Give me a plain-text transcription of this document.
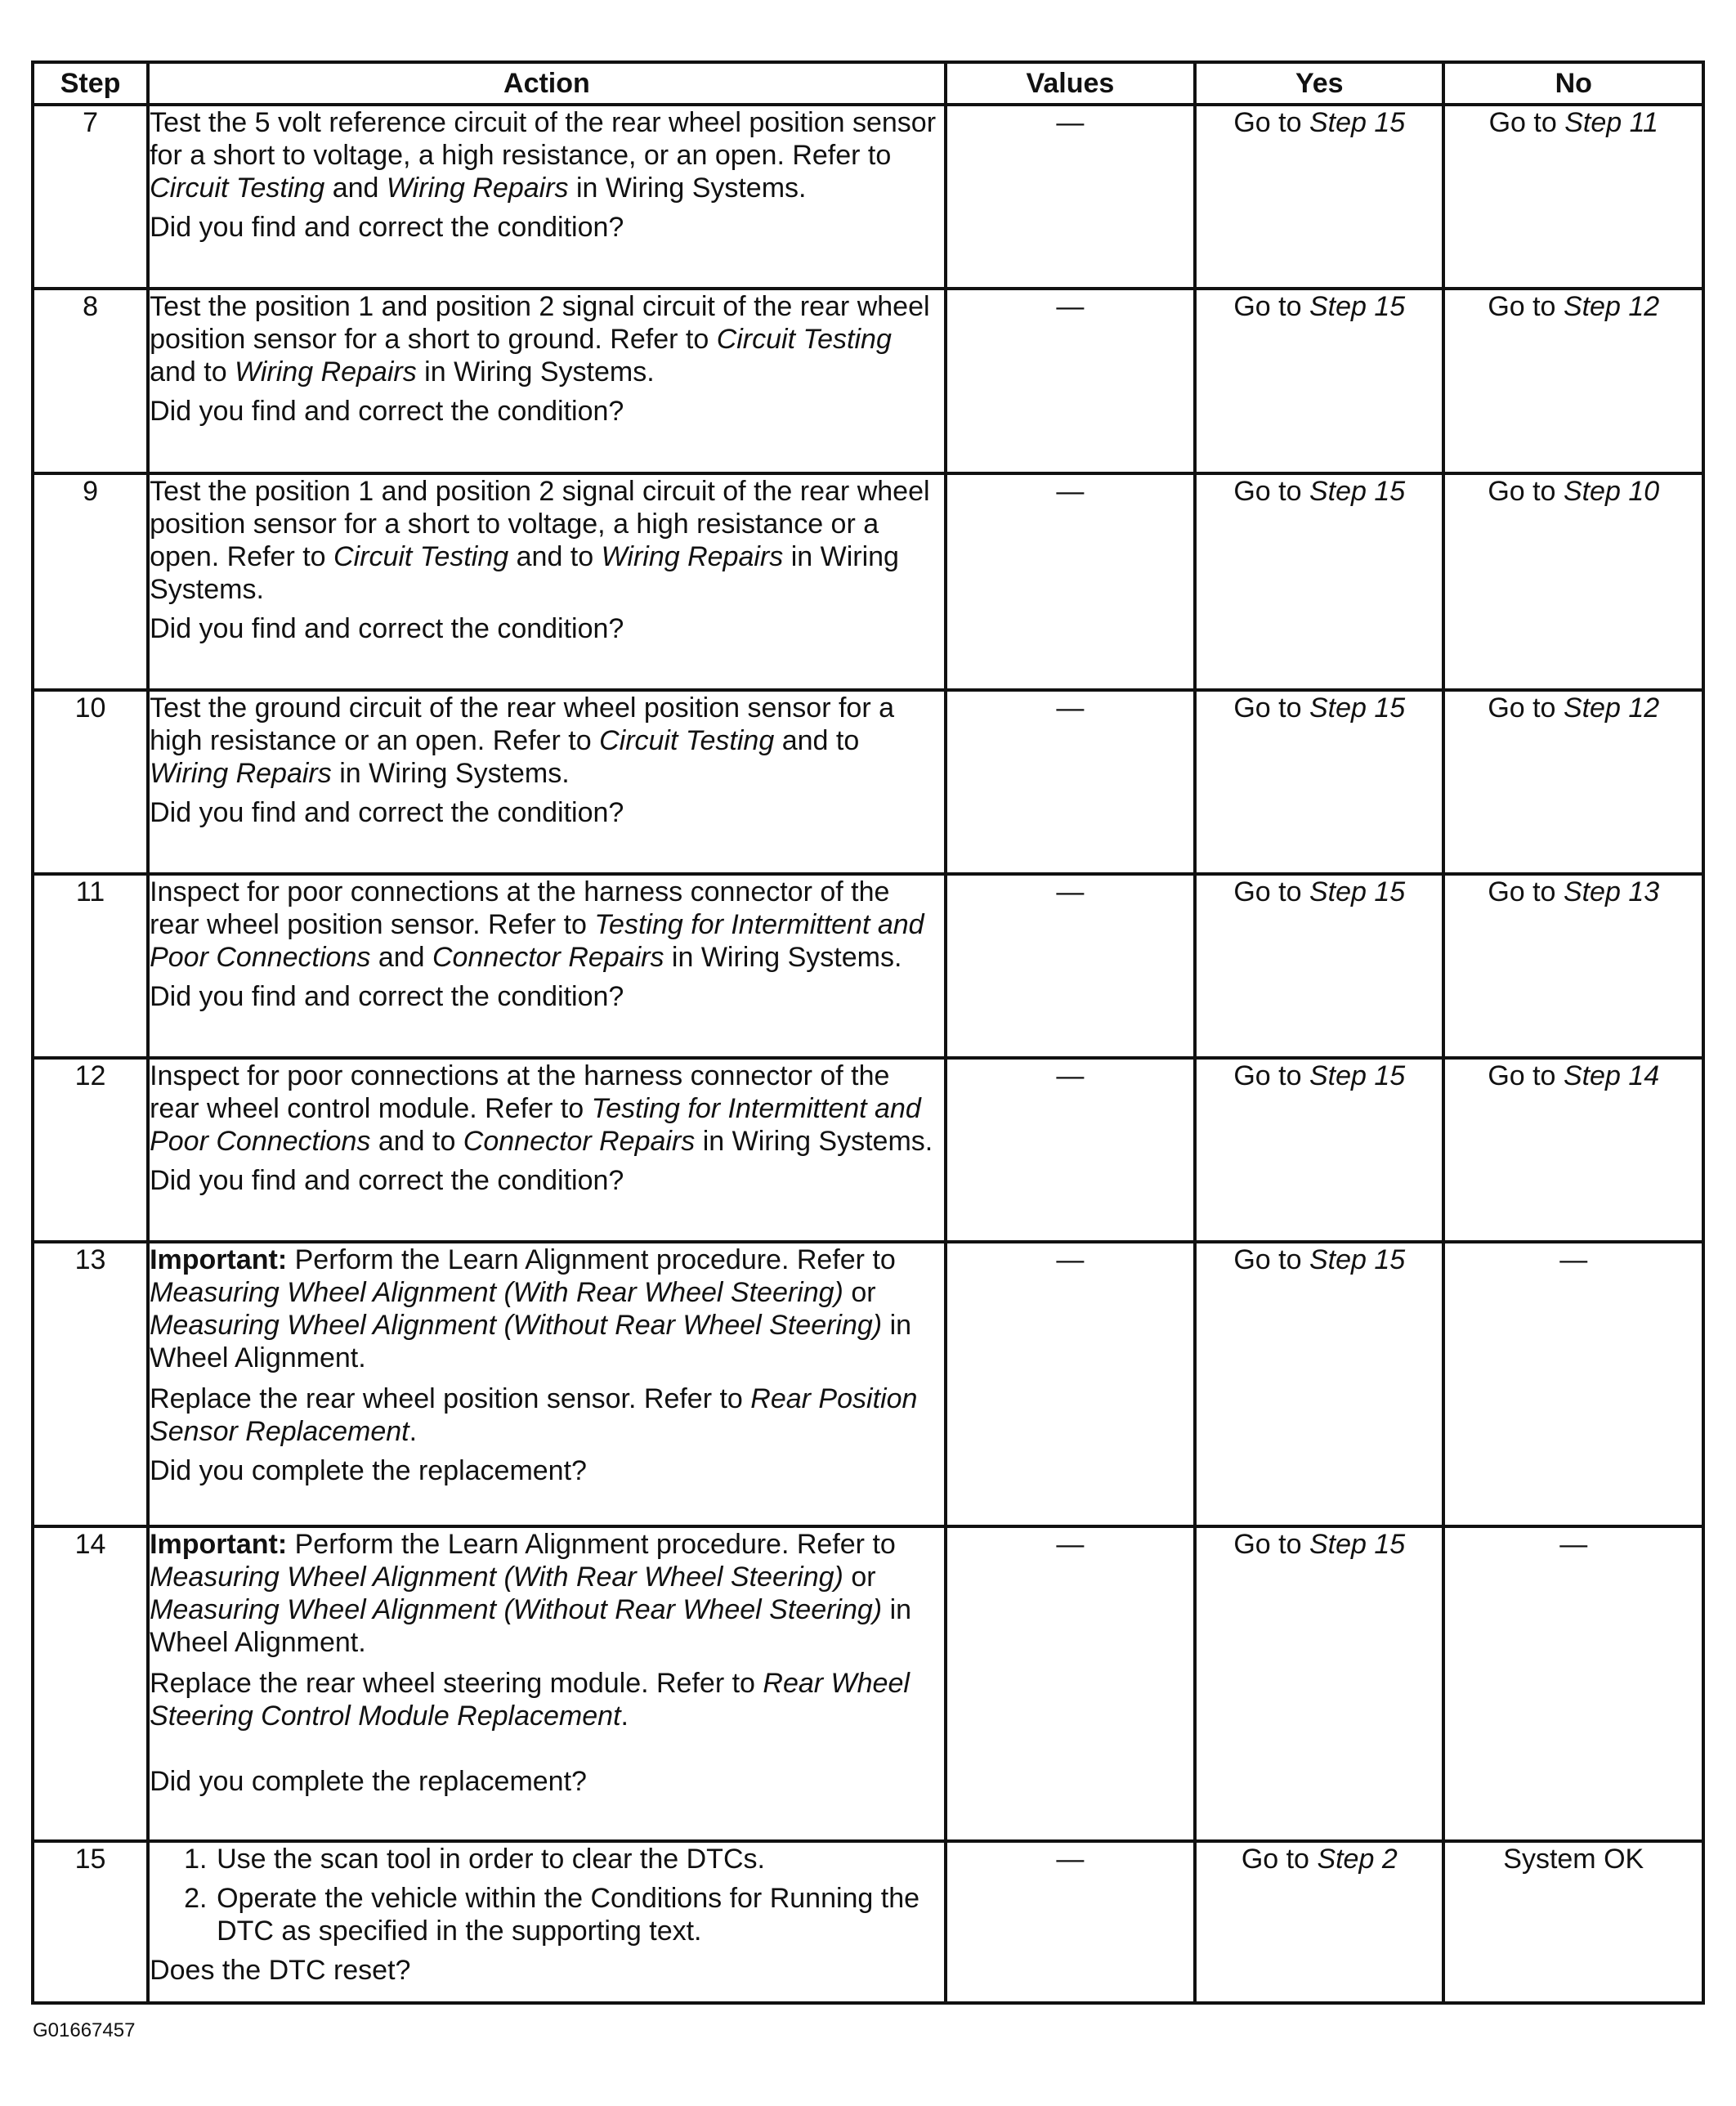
Step	Action	Values	Yes	No
7	Test the 5 volt reference circuit of the rear wheel position sensor for a short to voltage, a high resistance, or an open. Refer to Circuit Testing and Wiring Repairs in Wiring Systems.

Did you find and correct the condition?	—	Go to Step 15	Go to Step 11
8	Test the position 1 and position 2 signal circuit of the rear wheel position sensor for a short to ground. Refer to Circuit Testing and to Wiring Repairs in Wiring Systems.

Did you find and correct the condition?	—	Go to Step 15	Go to Step 12
9	Test the position 1 and position 2 signal circuit of the rear wheel position sensor for a short to voltage, a high resistance or a open. Refer to Circuit Testing and to Wiring Repairs in Wiring Systems.

Did you find and correct the condition?	—	Go to Step 15	Go to Step 10
10	Test the ground circuit of the rear wheel position sensor for a high resistance or an open. Refer to Circuit Testing and to Wiring Repairs in Wiring Systems.

Did you find and correct the condition?	—	Go to Step 15	Go to Step 12
11	Inspect for poor connections at the harness connector of the rear wheel position sensor. Refer to Testing for Intermittent and Poor Connections and Connector Repairs in Wiring Systems.

Did you find and correct the condition?	—	Go to Step 15	Go to Step 13
12	Inspect for poor connections at the harness connector of the rear wheel control module. Refer to Testing for Intermittent and Poor Connections and to Connector Repairs in Wiring Systems.

Did you find and correct the condition?	—	Go to Step 15	Go to Step 14
13	Important: Perform the Learn Alignment procedure. Refer to Measuring Wheel Alignment (With Rear Wheel Steering) or Measuring Wheel Alignment (Without Rear Wheel Steering) in Wheel Alignment.

Replace the rear wheel position sensor. Refer to Rear Position Sensor Replacement.

Did you complete the replacement?	—	Go to Step 15	—
14	Important: Perform the Learn Alignment procedure. Refer to Measuring Wheel Alignment (With Rear Wheel Steering) or Measuring Wheel Alignment (Without Rear Wheel Steering) in Wheel Alignment.

Replace the rear wheel steering module. Refer to Rear Wheel Steering Control Module Replacement.

Did you complete the replacement?	—	Go to Step 15	—
15	1. Use the scan tool in order to clear the DTCs.
2. Operate the vehicle within the Conditions for Running the DTC as specified in the supporting text.

Does the DTC reset?	—	Go to Step 2	System OK
G01667457
